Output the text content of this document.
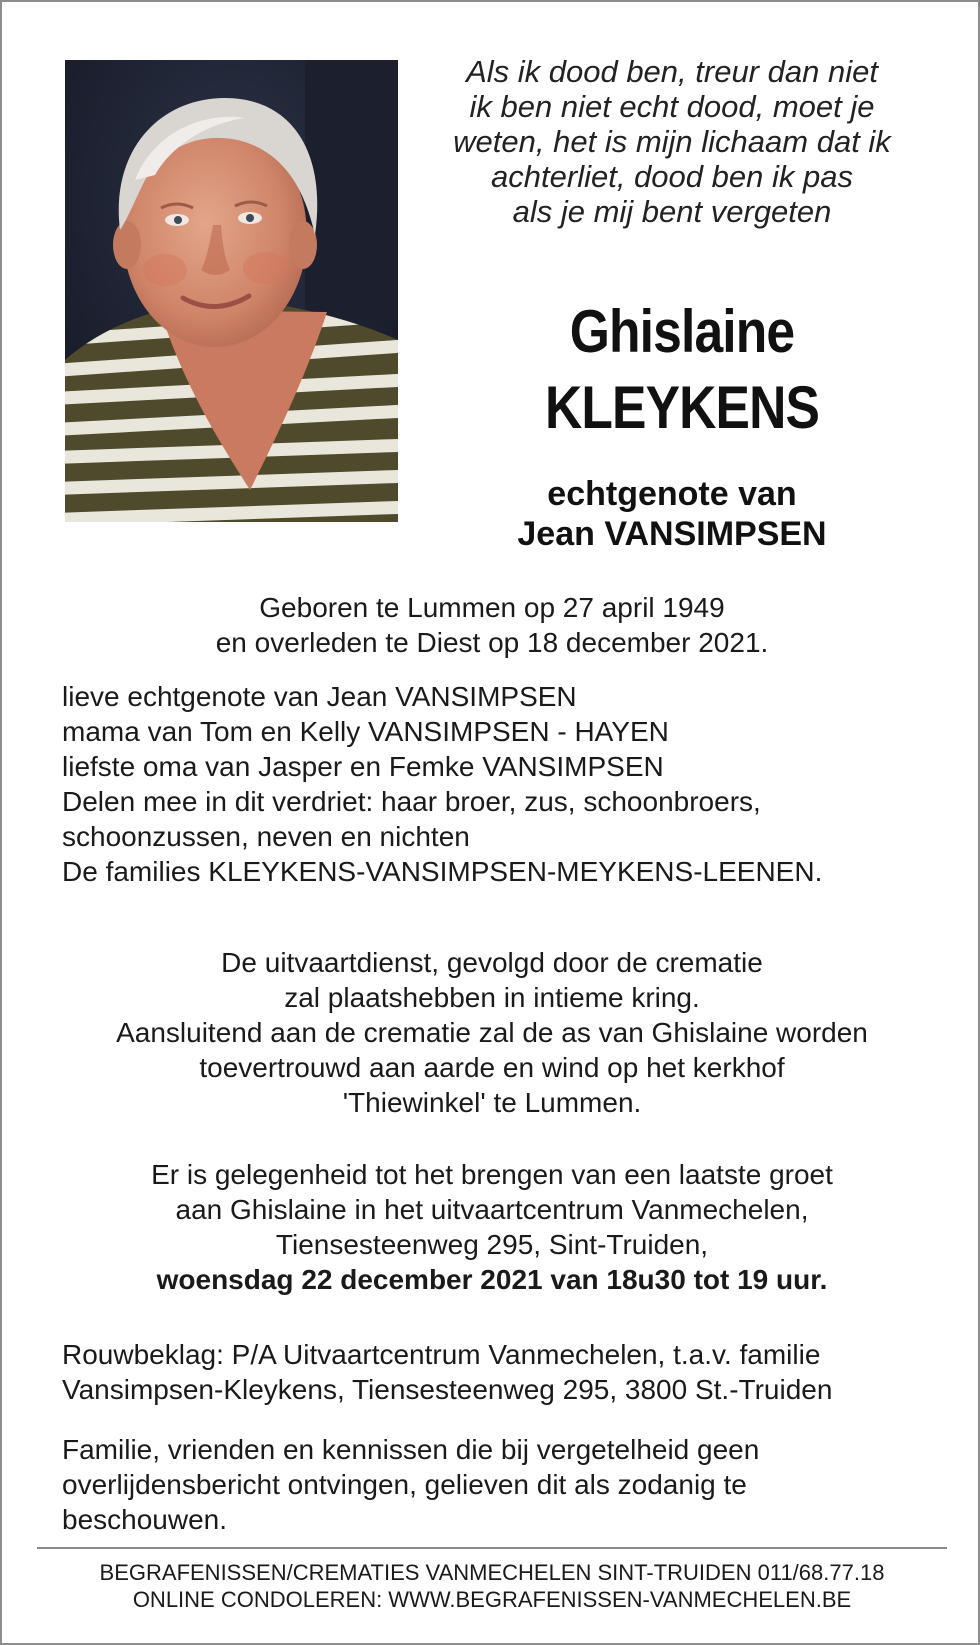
Als ik dood ben, treur dan niet
ik ben niet echt dood, moet je
weten, het is mijn lichaam dat ik
achterliet, dood ben ik pas
als je mij bent vergeten
Ghislaine
KLEYKENS
echtgenote van
Jean VANSIMPSEN
Geboren te Lummen op 27 april 1949
en overleden te Diest op 18 december 2021.
lieve echtgenote van Jean VANSIMPSEN
mama van Tom en Kelly VANSIMPSEN - HAYEN
liefste oma van Jasper en Femke VANSIMPSEN
Delen mee in dit verdriet: haar broer, zus, schoonbroers,
schoonzussen, neven en nichten
De families KLEYKENS-VANSIMPSEN-MEYKENS-LEENEN.
De uitvaartdienst, gevolgd door de crematie
zal plaatshebben in intieme kring.
Aansluitend aan de crematie zal de as van Ghislaine worden
toevertrouwd aan aarde en wind op het kerkhof
'Thiewinkel' te Lummen.
Er is gelegenheid tot het brengen van een laatste groet
aan Ghislaine in het uitvaartcentrum Vanmechelen,
Tiensesteenweg 295, Sint-Truiden,
woensdag 22 december 2021 van 18u30 tot 19 uur.
Rouwbeklag: P/A Uitvaartcentrum Vanmechelen, t.a.v. familie
Vansimpsen-Kleykens, Tiensesteenweg 295, 3800 St.-Truiden
Familie, vrienden en kennissen die bij vergetelheid geen
overlijdensbericht ontvingen, gelieven dit als zodanig te
beschouwen.
BEGRAFENISSEN/CREMATIES VANMECHELEN SINT-TRUIDEN 011/68.77.18
ONLINE CONDOLEREN: WWW.BEGRAFENISSEN-VANMECHELEN.BE
